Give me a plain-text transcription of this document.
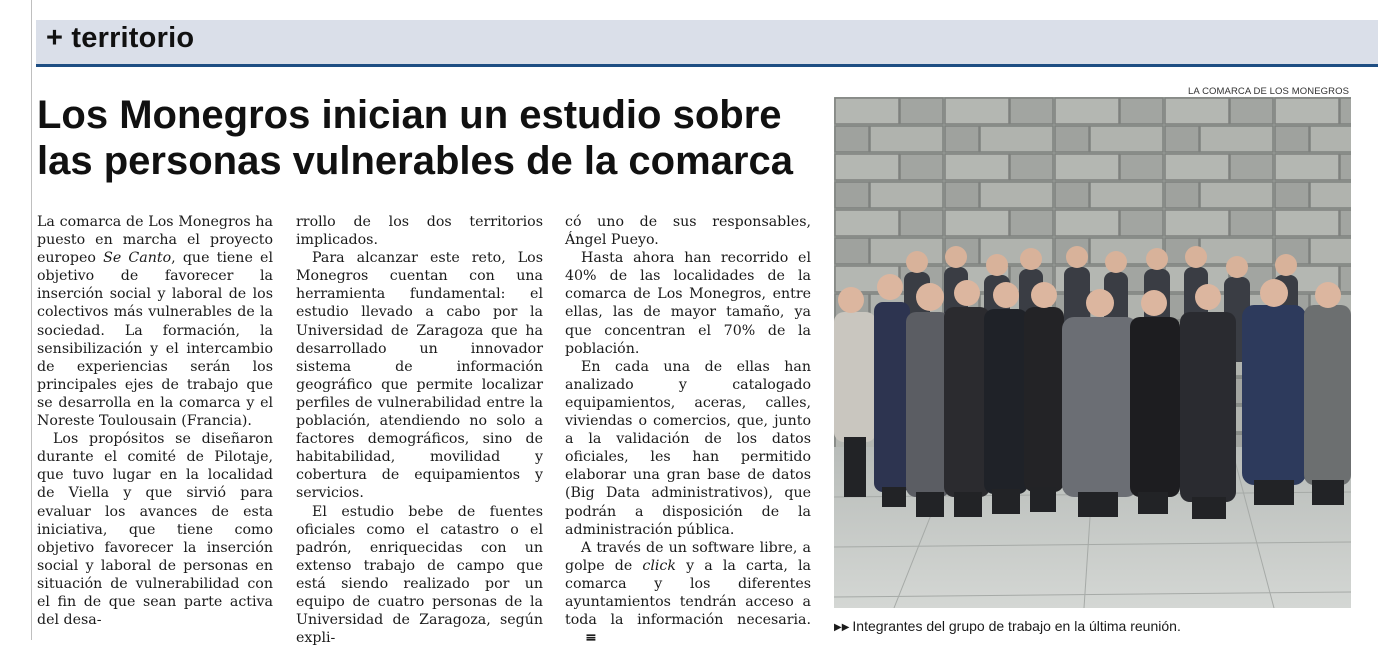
+ territorio
LA COMARCA DE LOS MONEGROS
Los Monegros inician un estudio sobre las personas vulnerables de la comarca

La comarca de Los Monegros ha puesto en marcha el proyecto europeo Se Canto, que tiene el objetivo de favorecer la inserción social y laboral de los colectivos más vulnerables de la sociedad. La formación, la sensibilización y el intercambio de experiencias serán los principales ejes de trabajo que se desarrolla en la comarca y el Noreste Toulousain (Francia).

Los propósitos se diseñaron durante el comité de Pilotaje, que tuvo lugar en la localidad de Viella y que sirvió para evaluar los avances de esta iniciativa, que tiene como objetivo favorecer la inserción social y laboral de personas en situación de vulnerabilidad con el fin de que sean parte activa del desa-

rrollo de los dos territorios implicados.

Para alcanzar este reto, Los Monegros cuentan con una herramienta fundamental: el estudio llevado a cabo por la Universidad de Zaragoza que ha desarrollado un innovador sistema de información geográfico que permite localizar perfiles de vulnerabilidad entre la población, atendiendo no solo a factores demográficos, sino de habitabilidad, movilidad y cobertura de equipamientos y servicios.

El estudio bebe de fuentes oficiales como el catastro o el padrón, enriquecidas con un extenso trabajo de campo que está siendo realizado por un equipo de cuatro personas de la Universidad de Zaragoza, según expli-

có uno de sus responsables, Ángel Pueyo.

Hasta ahora han recorrido el 40% de las localidades de la comarca de Los Monegros, entre ellas, las de mayor tamaño, ya que concentran el 70% de la población.

En cada una de ellas han analizado y catalogado equipamientos, aceras, calles, viviendas o comercios, que, junto a la validación de los datos oficiales, les han permitido elaborar una gran base de datos (Big Data administrativos), que podrán a disposición de la administración pública.

A través de un software libre, a golpe de click y a la carta, la comarca y los diferentes ayuntamientos tendrán acceso a toda la información necesaria.≡

▶▶ Integrantes del grupo de trabajo en la última reunión.
